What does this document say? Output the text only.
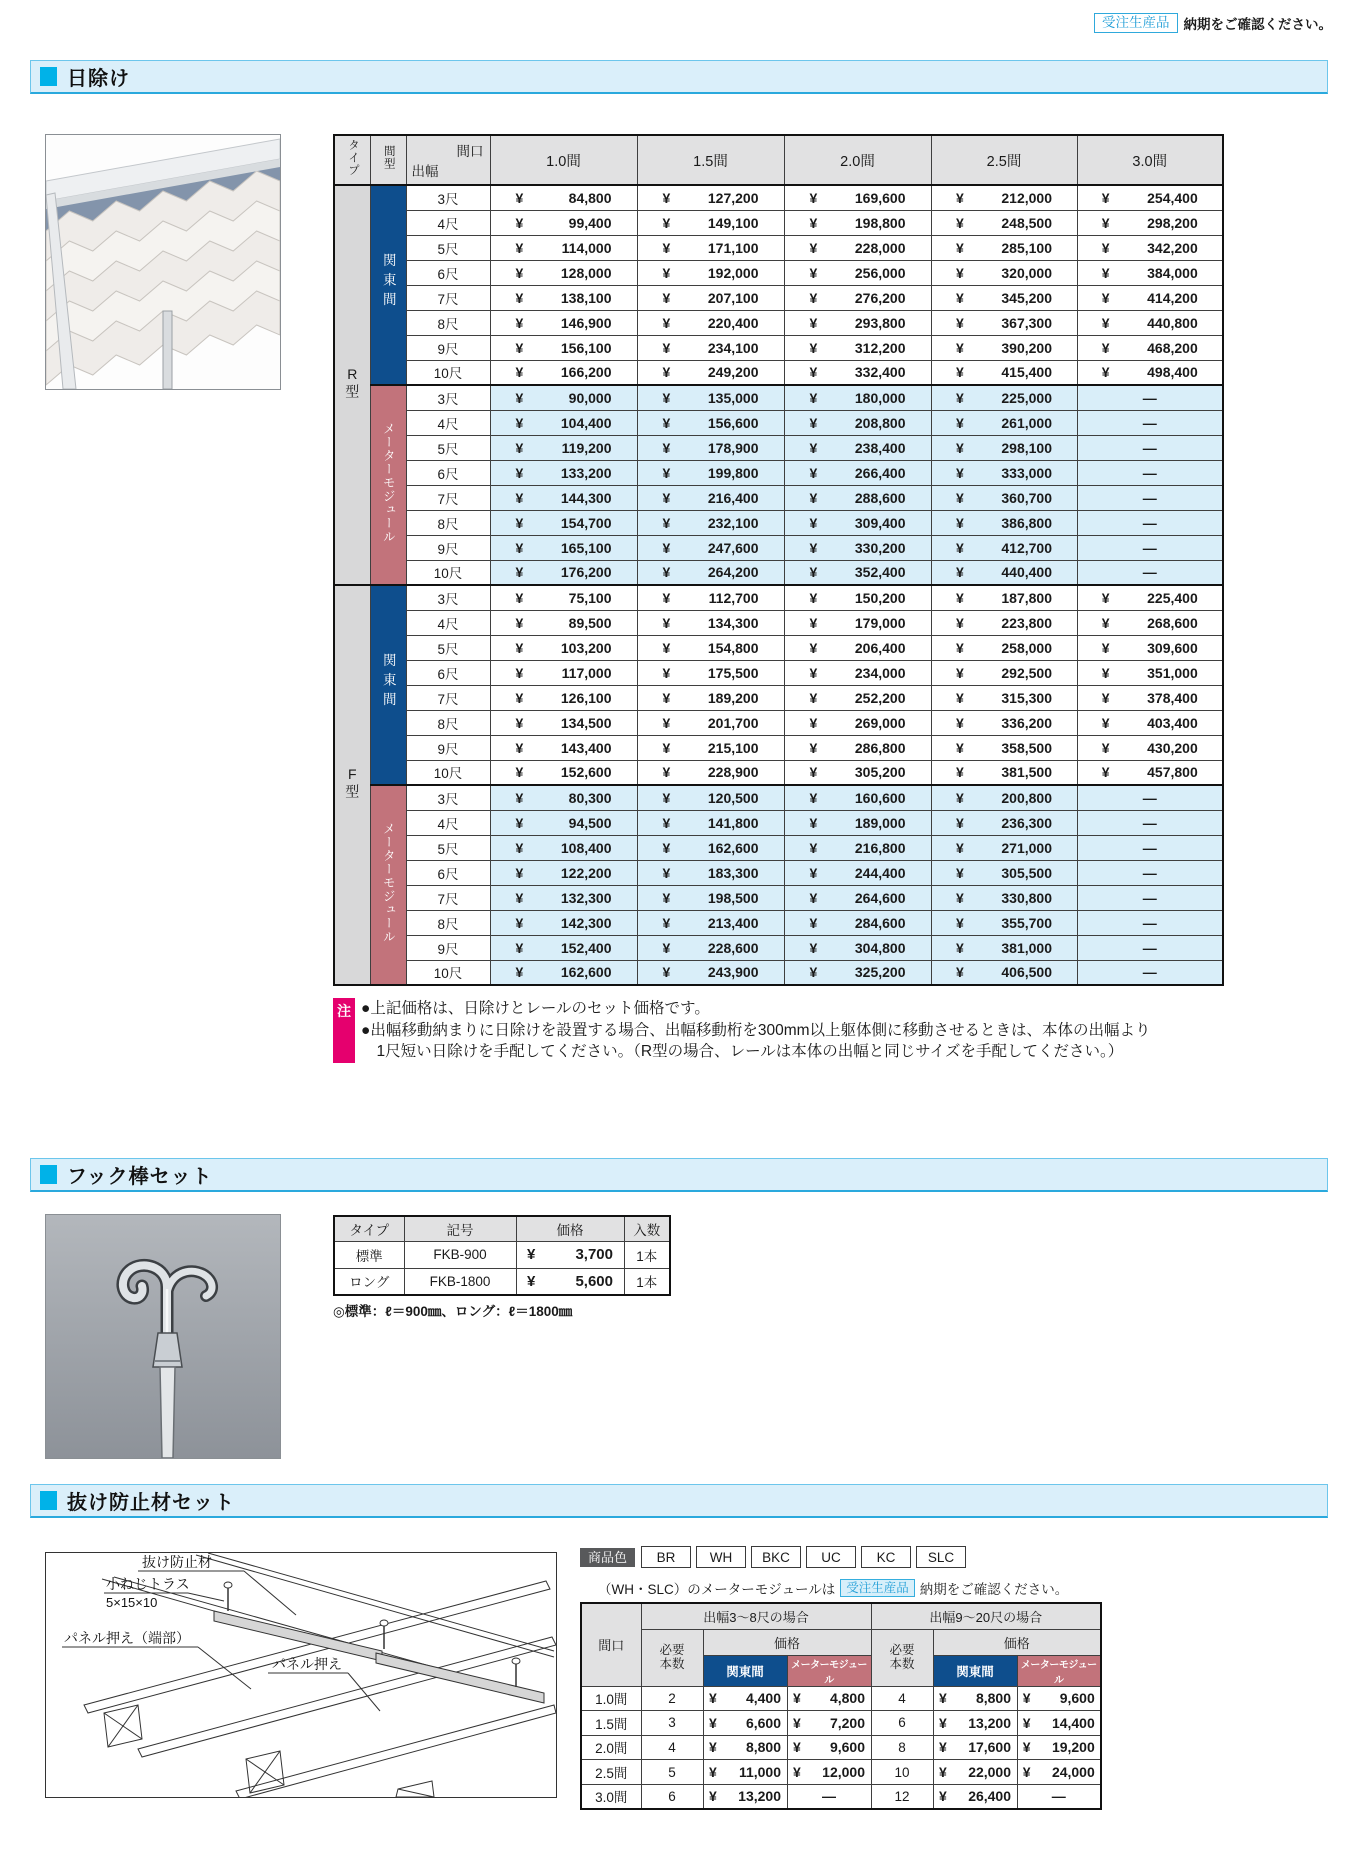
受注生産品	納期をご確認ください。
日除け
タイプ	間型	間口
出幅	1.0間	1.5間	2.0間	2.5間	3.0間
R型	関東間	3尺	¥ 84,800	¥ 127,200	¥ 169,600	¥ 212,000	¥ 254,400

		4尺	¥ 99,400	¥ 149,100	¥ 198,800	¥ 248,500	¥ 298,200

		5尺	¥ 114,000	¥ 171,100	¥ 228,000	¥ 285,100	¥ 342,200

		6尺	¥ 128,000	¥ 192,000	¥ 256,000	¥ 320,000	¥ 384,000

		7尺	¥ 138,100	¥ 207,100	¥ 276,200	¥ 345,200	¥ 414,200

		8尺	¥ 146,900	¥ 220,400	¥ 293,800	¥ 367,300	¥ 440,800

		9尺	¥ 156,100	¥ 234,100	¥ 312,200	¥ 390,200	¥ 468,200

		10尺	¥ 166,200	¥ 249,200	¥ 332,400	¥ 415,400	¥ 498,400

	メーターモジュール	3尺	¥ 90,000	¥ 135,000	¥ 180,000	¥ 225,000	—
		4尺	¥ 104,400	¥ 156,600	¥ 208,800	¥ 261,000	—
		5尺	¥ 119,200	¥ 178,900	¥ 238,400	¥ 298,100	—
		6尺	¥ 133,200	¥ 199,800	¥ 266,400	¥ 333,000	—
		7尺	¥ 144,300	¥ 216,400	¥ 288,600	¥ 360,700	—
		8尺	¥ 154,700	¥ 232,100	¥ 309,400	¥ 386,800	—
		9尺	¥ 165,100	¥ 247,600	¥ 330,200	¥ 412,700	—
		10尺	¥ 176,200	¥ 264,200	¥ 352,400	¥ 440,400	—
F型	関東間	3尺	¥ 75,100	¥ 112,700	¥ 150,200	¥ 187,800	¥ 225,400

		4尺	¥ 89,500	¥ 134,300	¥ 179,000	¥ 223,800	¥ 268,600

		5尺	¥ 103,200	¥ 154,800	¥ 206,400	¥ 258,000	¥ 309,600

		6尺	¥ 117,000	¥ 175,500	¥ 234,000	¥ 292,500	¥ 351,000

		7尺	¥ 126,100	¥ 189,200	¥ 252,200	¥ 315,300	¥ 378,400

		8尺	¥ 134,500	¥ 201,700	¥ 269,000	¥ 336,200	¥ 403,400

		9尺	¥ 143,400	¥ 215,100	¥ 286,800	¥ 358,500	¥ 430,200

		10尺	¥ 152,600	¥ 228,900	¥ 305,200	¥ 381,500	¥ 457,800

	メーターモジュール	3尺	¥ 80,300	¥ 120,500	¥ 160,600	¥ 200,800	—
		4尺	¥ 94,500	¥ 141,800	¥ 189,000	¥ 236,300	—
		5尺	¥ 108,400	¥ 162,600	¥ 216,800	¥ 271,000	—
		6尺	¥ 122,200	¥ 183,300	¥ 244,400	¥ 305,500	—
		7尺	¥ 132,300	¥ 198,500	¥ 264,600	¥ 330,800	—
		8尺	¥ 142,300	¥ 213,400	¥ 284,600	¥ 355,700	—
		9尺	¥ 152,400	¥ 228,600	¥ 304,800	¥ 381,000	—
		10尺	¥ 162,600	¥ 243,900	¥ 325,200	¥ 406,500	—
注 ●上記価格は、日除けとレールのセット価格です。
●出幅移動納まりに日除けを設置する場合、出幅移動桁を300mm以上躯体側に移動させるときは、本体の出幅より1尺短い日除けを手配してください。（R型の場合、レールは本体の出幅と同じサイズを手配してください。）
フック棒セット
タイプ	記号	価格	入数
標準	FKB-900	¥ 3,700	1本
ロング	FKB-1800	¥ 5,600	1本
◎標準：ℓ＝900㎜、ロング：ℓ＝1800㎜
抜け防止材セット
抜け防止材
小ねじトラス
5×15×10
パネル押え（端部）
パネル押え
商品色	BR	WH	BKC	UC	KC	SLC
（WH・SLC）のメーターモジュールは 受注生産品 納期をご確認ください。
間口	出幅3～8尺の場合			出幅9～20尺の場合		
	必要本数	価格		必要本数	価格	
		関東間	メーターモジュール		関東間	メーターモジュール
1.0間	2	¥ 4,400	¥ 4,800	4	¥ 8,800	¥ 9,600

1.5間	3	¥ 6,600	¥ 7,200	6	¥ 13,200	¥ 14,400

2.0間	4	¥ 8,800	¥ 9,600	8	¥ 17,600	¥ 19,200

2.5間	5	¥ 11,000	¥ 12,000	10	¥ 22,000	¥ 24,000

3.0間	6	¥ 13,200	—	12	¥ 26,400	—
